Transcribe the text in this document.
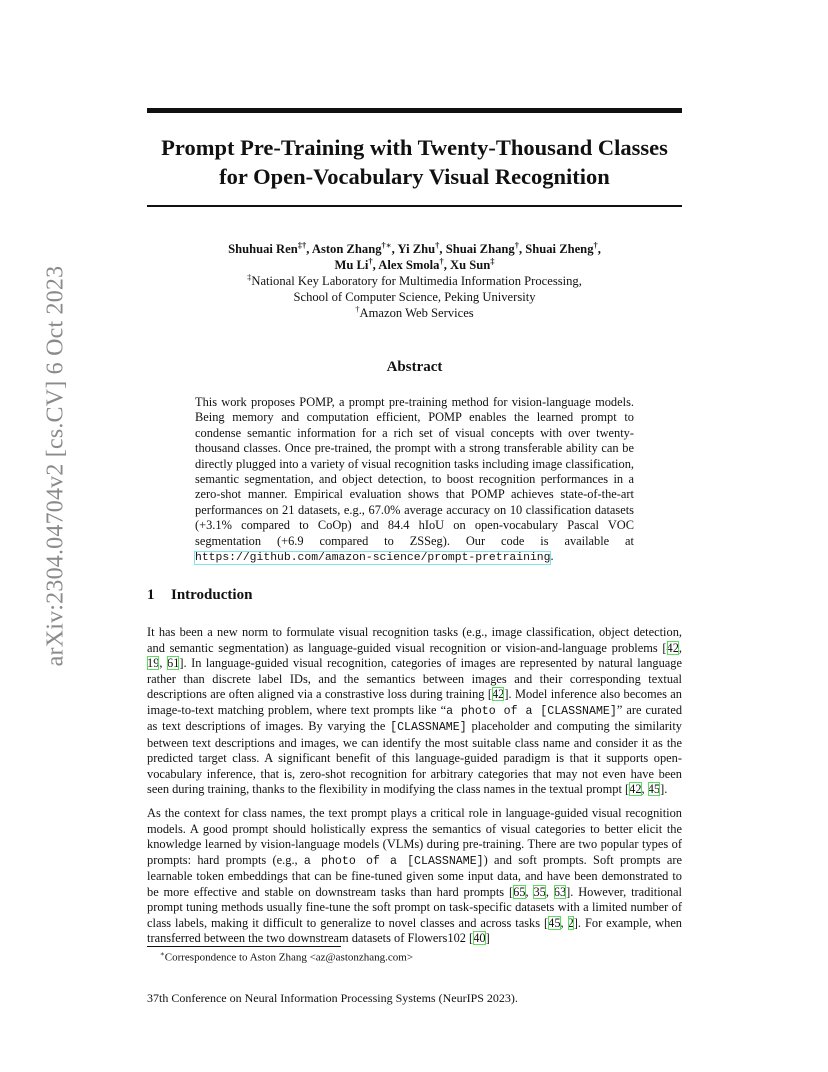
arXiv:2304.04704v2 [cs.CV] 6 Oct 2023
Prompt Pre-Training with Twenty-Thousand Classes
for Open-Vocabulary Visual Recognition
Shuhuai Ren‡†, Aston Zhang†∗, Yi Zhu†, Shuai Zhang†, Shuai Zheng†,
Mu Li†, Alex Smola†, Xu Sun‡
‡National Key Laboratory for Multimedia Information Processing,
School of Computer Science, Peking University
†Amazon Web Services
Abstract
This work proposes POMP, a prompt pre-training method for vision-language models. Being memory and computation efficient, POMP enables the learned prompt to condense semantic information for a rich set of visual concepts with over twenty-thousand classes. Once pre-trained, the prompt with a strong transferable ability can be directly plugged into a variety of visual recognition tasks including image classification, semantic segmentation, and object detection, to boost recognition performances in a zero-shot manner. Empirical evaluation shows that POMP achieves state-of-the-art performances on 21 datasets, e.g., 67.0% average accuracy on 10 classification datasets (+3.1% compared to CoOp) and 84.4 hIoU on open-vocabulary Pascal VOC segmentation (+6.9 compared to ZSSeg). Our code is available at https://github.com/amazon-science/prompt-pretraining.
1 Introduction
It has been a new norm to formulate visual recognition tasks (e.g., image classification, object detection, and semantic segmentation) as language-guided visual recognition or vision-and-language problems [42, 19, 61]. In language-guided visual recognition, categories of images are represented by natural language rather than discrete label IDs, and the semantics between images and their corresponding textual descriptions are often aligned via a constrastive loss during training [42]. Model inference also becomes an image-to-text matching problem, where text prompts like “a photo of a [CLASSNAME]” are curated as text descriptions of images. By varying the [CLASSNAME] placeholder and computing the similarity between text descriptions and images, we can identify the most suitable class name and consider it as the predicted target class. A significant benefit of this language-guided paradigm is that it supports open-vocabulary inference, that is, zero-shot recognition for arbitrary categories that may not even have been seen during training, thanks to the flexibility in modifying the class names in the textual prompt [42, 45].
As the context for class names, the text prompt plays a critical role in language-guided visual recognition models. A good prompt should holistically express the semantics of visual categories to better elicit the knowledge learned by vision-language models (VLMs) during pre-training. There are two popular types of prompts: hard prompts (e.g., a photo of a [CLASSNAME]) and soft prompts. Soft prompts are learnable token embeddings that can be fine-tuned given some input data, and have been demonstrated to be more effective and stable on downstream tasks than hard prompts [65, 35, 63]. However, traditional prompt tuning methods usually fine-tune the soft prompt on task-specific datasets with a limited number of class labels, making it difficult to generalize to novel classes and across tasks [45, 2]. For example, when transferred between the two downstream datasets of Flowers102 [40]
∗Correspondence to Aston Zhang <az@astonzhang.com>
37th Conference on Neural Information Processing Systems (NeurIPS 2023).
